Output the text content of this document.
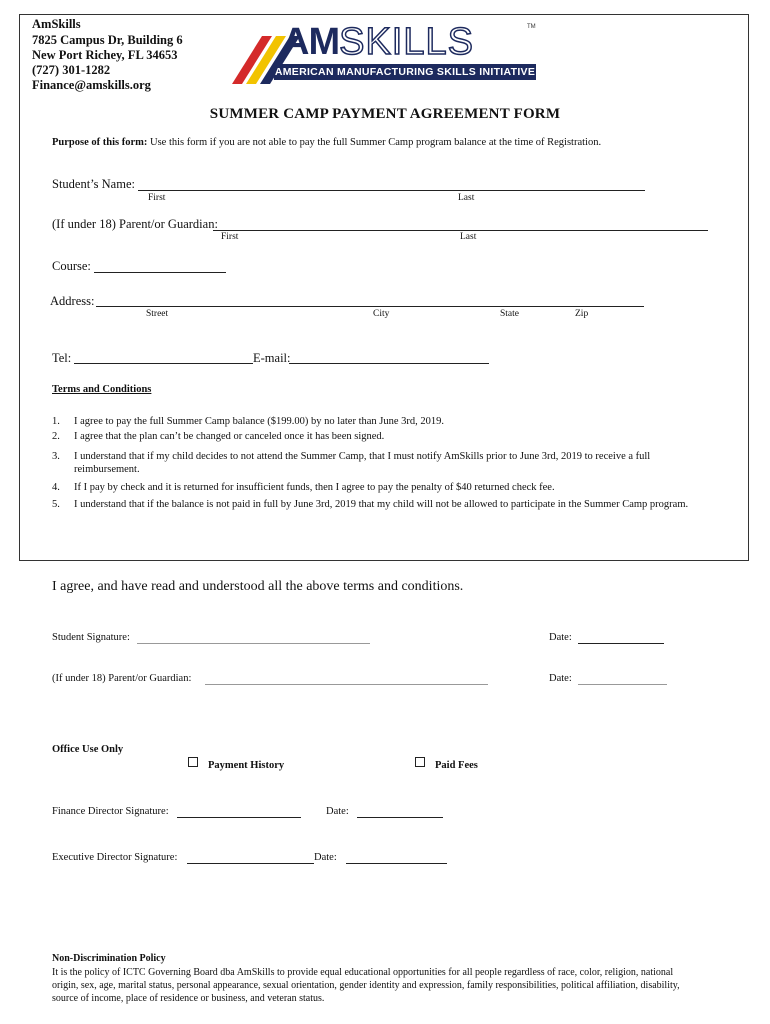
AmSkills
7825 Campus Dr, Building 6
New Port Richey, FL 34653
(727) 301-1282
Finance@amskills.org
AMSKILLS	TM
AMERICAN MANUFACTURING SKILLS INITIATIVE
SUMMER CAMP PAYMENT AGREEMENT FORM
Purpose of this form: Use this form if you are not able to pay the full Summer Camp program balance at the time of Registration.
Student’s Name:
First	Last
(If under 18) Parent/or Guardian:
First	Last
Course:
Address:
Street	City	State	Zip
Tel:	E-mail:
Terms and Conditions
1. I agree to pay the full Summer Camp balance ($199.00) by no later than June 3rd, 2019.
2. I agree that the plan can’t be changed or canceled once it has been signed.
3. I understand that if my child decides to not attend the Summer Camp, that I must notify AmSkills prior to June 3rd, 2019 to receive a full
reimbursement.
4. If I pay by check and it is returned for insufficient funds, then I agree to pay the penalty of $40 returned check fee.
5. I understand that if the balance is not paid in full by June 3rd, 2019 that my child will not be allowed to participate in the Summer Camp program.
I agree, and have read and understood all the above terms and conditions.
Student Signature:	Date:
(If under 18) Parent/or Guardian:	Date:
Office Use Only
Payment History	Paid Fees
Finance Director Signature:	Date:
Executive Director Signature:	Date:
Non-Discrimination Policy
It is the policy of ICTC Governing Board dba AmSkills to provide equal educational opportunities for all people regardless of race, color, religion, national
origin, sex, age, marital status, personal appearance, sexual orientation, gender identity and expression, family responsibilities, political affiliation, disability,
source of income, place of residence or business, and veteran status.
